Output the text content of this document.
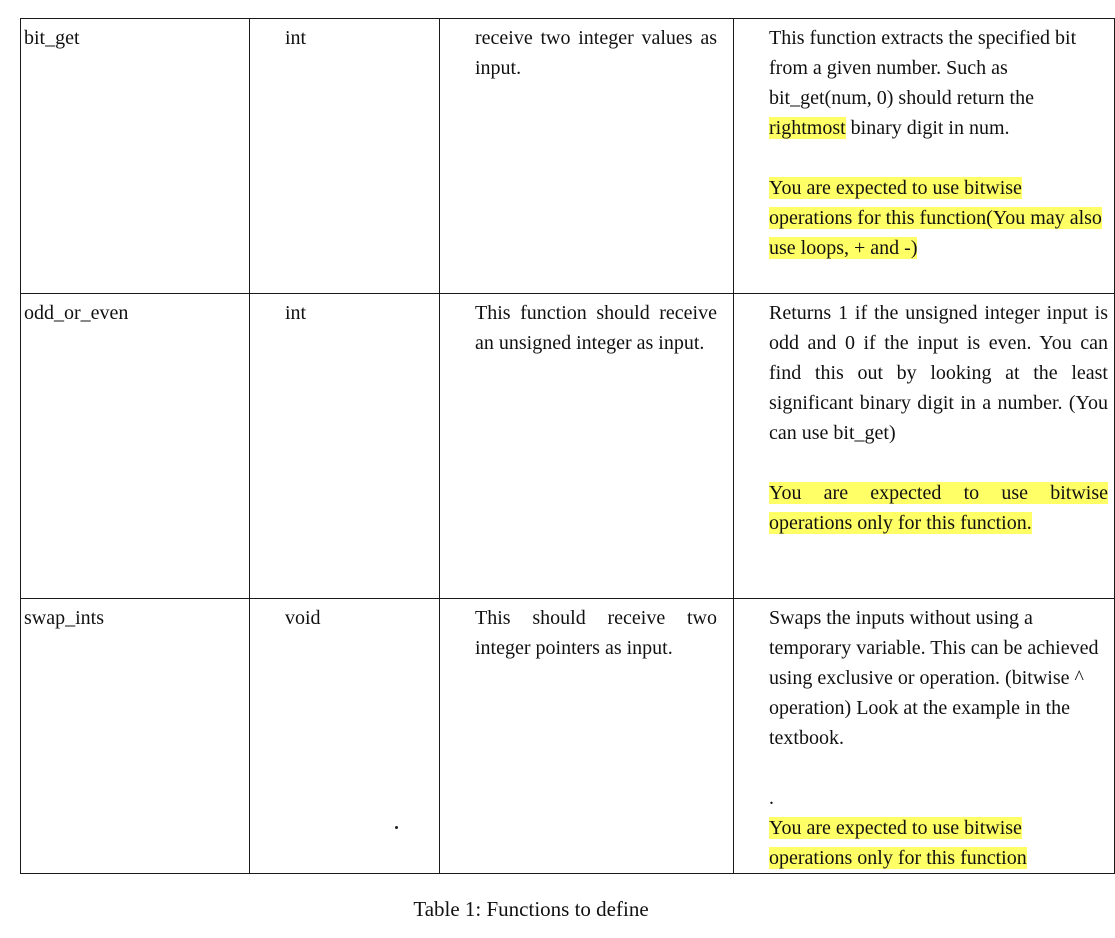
bit_get	int	receive two integer values as input.	This function extracts the specified bit from a given number. Such as bit_get(num, 0) should return the rightmost binary digit in num.
You are expected to use bitwise operations for this function(You may also use loops, + and -)

odd_or_even	int	This function should receive an unsigned integer as input.	Returns 1 if the unsigned integer input is odd and 0 if the input is even. You can find this out by looking at the least significant binary digit in a number. (You can use bit_get)
You are expected to use bitwise operations only for this function.

swap_ints	void	This should receive two integer pointers as input.	Swaps the inputs without using a temporary variable. This can be achieved using exclusive or operation. (bitwise ^ operation) Look at the example in the textbook.
.
You are expected to use bitwise operations only for this function
Table 1: Functions to define
